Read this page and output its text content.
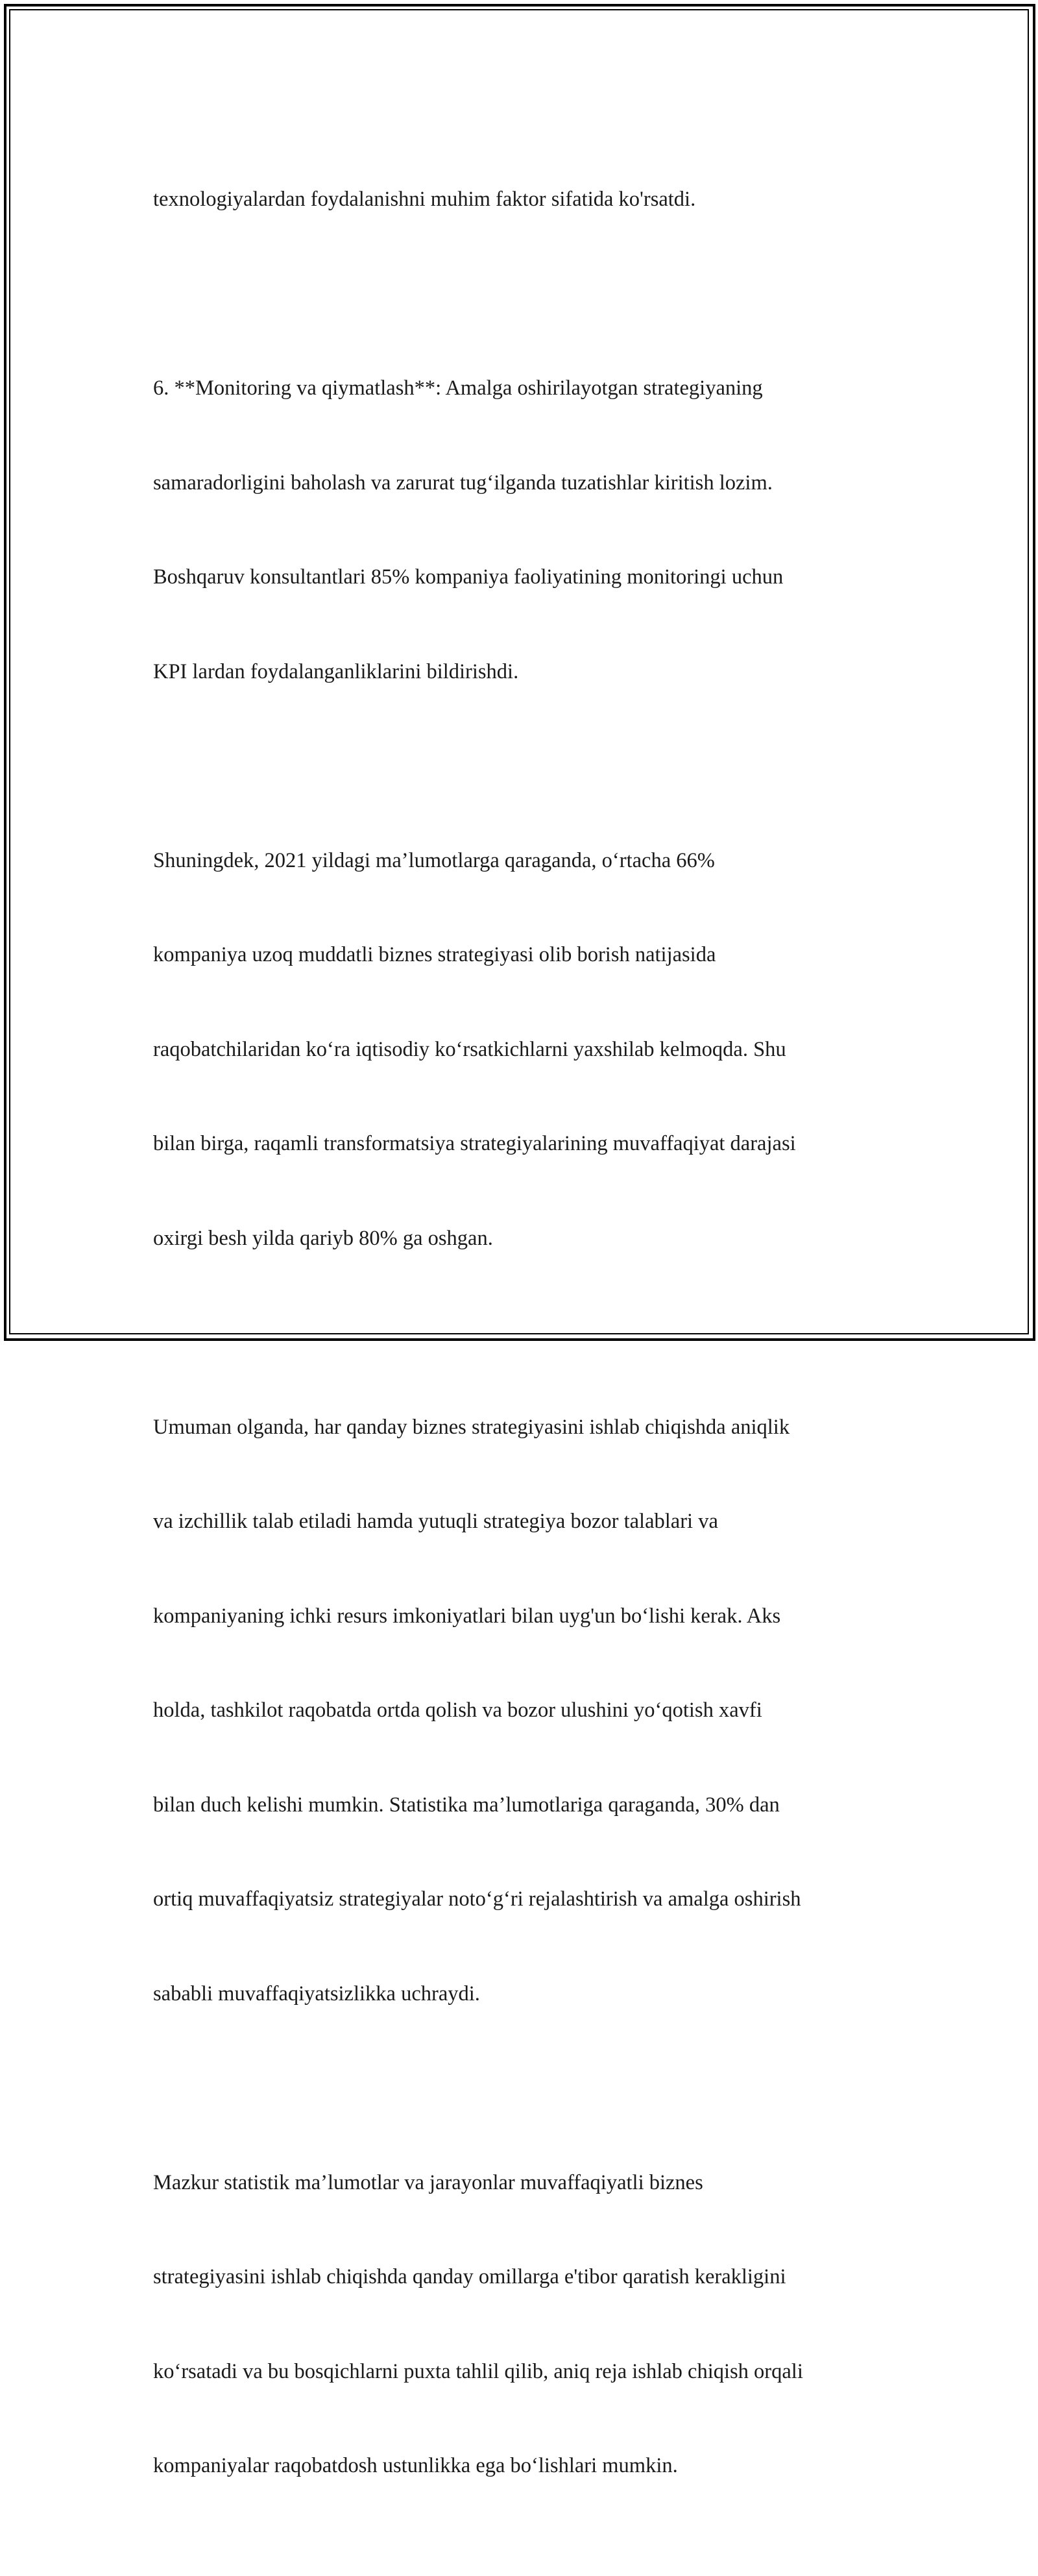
texnologiyalardan foydalanishni muhim faktor sifatida ko'rsatdi.

6. **Monitoring va qiymatlash**: Amalga oshirilayotgan strategiyaning

samaradorligini baholash va zarurat tug‘ilganda tuzatishlar kiritish lozim.

Boshqaruv konsultantlari 85% kompaniya faoliyatining monitoringi uchun

KPI lardan foydalanganliklarini bildirishdi.

Shuningdek, 2021 yildagi ma’lumotlarga qaraganda, o‘rtacha 66%

kompaniya uzoq muddatli biznes strategiyasi olib borish natijasida

raqobatchilaridan ko‘ra iqtisodiy ko‘rsatkichlarni yaxshilab kelmoqda. Shu

bilan birga, raqamli transformatsiya strategiyalarining muvaffaqiyat darajasi

oxirgi besh yilda qariyb 80% ga oshgan.

Umuman olganda, har qanday biznes strategiyasini ishlab chiqishda aniqlik

va izchillik talab etiladi hamda yutuqli strategiya bozor talablari va

kompaniyaning ichki resurs imkoniyatlari bilan uyg'un bo‘lishi kerak. Aks

holda, tashkilot raqobatda ortda qolish va bozor ulushini yo‘qotish xavfi

bilan duch kelishi mumkin. Statistika ma’lumotlariga qaraganda, 30% dan

ortiq muvaffaqiyatsiz strategiyalar noto‘g‘ri rejalashtirish va amalga oshirish

sababli muvaffaqiyatsizlikka uchraydi.

Mazkur statistik ma’lumotlar va jarayonlar muvaffaqiyatli biznes

strategiyasini ishlab chiqishda qanday omillarga e'tibor qaratish kerakligini

ko‘rsatadi va bu bosqichlarni puxta tahlil qilib, aniq reja ishlab chiqish orqali

kompaniyalar raqobatdosh ustunlikka ega bo‘lishlari mumkin.
